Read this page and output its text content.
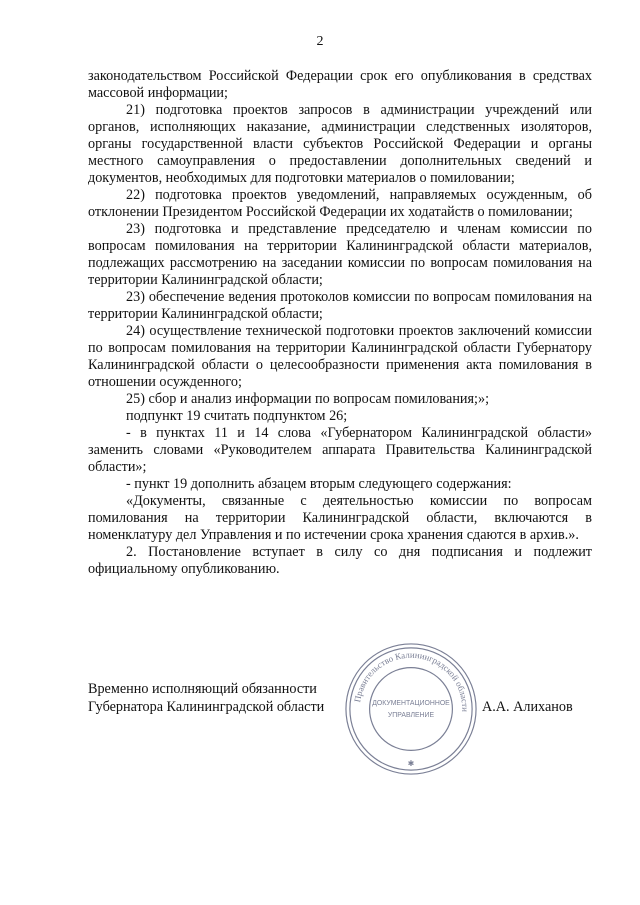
2

законодательством Российской Федерации срок его опубликования в средствах массовой информации;

21) подготовка проектов запросов в администрации учреждений или органов, исполняющих наказание, администрации следственных изоляторов, органы государственной власти субъектов Российской Федерации и органы местного самоуправления о предоставлении дополнительных сведений и документов, необходимых для подготовки материалов о помиловании;

22) подготовка проектов уведомлений, направляемых осужденным, об отклонении Президентом Российской Федерации их ходатайств о помиловании;

23) подготовка и представление председателю и членам комиссии по вопросам помилования на территории Калининградской области материалов, подлежащих рассмотрению на заседании комиссии по вопросам помилования на территории Калининградской области;

23) обеспечение ведения протоколов комиссии по вопросам помилования на территории Калининградской области;

24) осуществление технической подготовки проектов заключений комиссии по вопросам помилования на территории Калининградской области Губернатору Калининградской области о целесообразности применения акта помилования в отношении осужденного;

25) сбор и анализ информации по вопросам помилования;»;

подпункт 19 считать подпунктом 26;

- в пунктах 11 и 14 слова «Губернатором Калининградской области» заменить словами «Руководителем аппарата Правительства Калининградской области»;

- пункт 19 дополнить абзацем вторым следующего содержания:

«Документы, связанные с деятельностью комиссии по вопросам помилования на территории Калининградской области, включаются в номенклатуру дел Управления и по истечении срока хранения сдаются в архив.».

2. Постановление вступает в силу со дня подписания и подлежит официальному опубликованию.

Временно исполняющий обязанности
Губернатора Калининградской области	А.А. Алиханов
Правительство Калининградской области
ДОКУМЕНТАЦИОННОЕ
УПРАВЛЕНИЕ
✱
